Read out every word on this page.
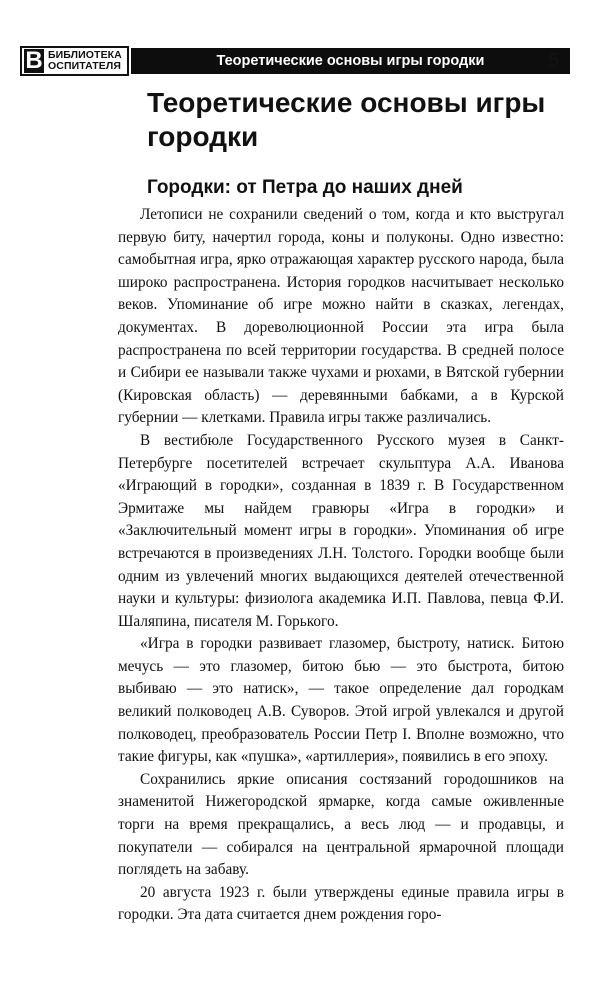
В БИБЛИОТЕКА
ОСПИТАТЕЛЯ	Теоретические основы игры городки	5
Теоретические основы игры городки
Городки: от Петра до наших дней

Летописи не сохранили сведений о том, когда и кто выстругал первую биту, начертил города, коны и полуконы. Одно известно: самобытная игра, ярко отражающая характер русского народа, была широко распространена. История городков насчитывает несколько веков. Упоминание об игре можно найти в сказках, легендах, документах. В дореволюционной России эта игра была распространена по всей территории государства. В средней полосе и Сибири ее называли также чухами и рюхами, в Вятской губернии (Кировская область) — деревянными бабками, а в Курской губернии — клетками. Правила игры также различались.

В вестибюле Государственного Русского музея в Санкт-Петербурге посетителей встречает скульптура А.А. Иванова «Играющий в городки», созданная в 1839 г. В Государственном Эрмитаже мы найдем гравюры «Игра в городки» и «Заключительный момент игры в городки». Упоминания об игре встречаются в произведениях Л.Н. Толстого. Городки вообще были одним из увлечений многих выдающихся деятелей отечественной науки и культуры: физиолога академика И.П. Павлова, певца Ф.И. Шаляпина, писателя М. Горького.

«Игра в городки развивает глазомер, быстроту, натиск. Битою мечусь — это глазомер, битою бью — это быстрота, битою выбиваю — это натиск», — такое определение дал городкам великий полководец А.В. Суворов. Этой игрой увлекался и другой полководец, преобразователь России Петр I. Вполне возможно, что такие фигуры, как «пушка», «артиллерия», появились в его эпоху.

Сохранились яркие описания состязаний городошников на знаменитой Нижегородской ярмарке, когда самые оживленные торги на время прекращались, а весь люд — и продавцы, и покупатели — собирался на центральной ярмарочной площади поглядеть на забаву.

20 августа 1923 г. были утверждены единые правила игры в городки. Эта дата считается днем рождения горо-
